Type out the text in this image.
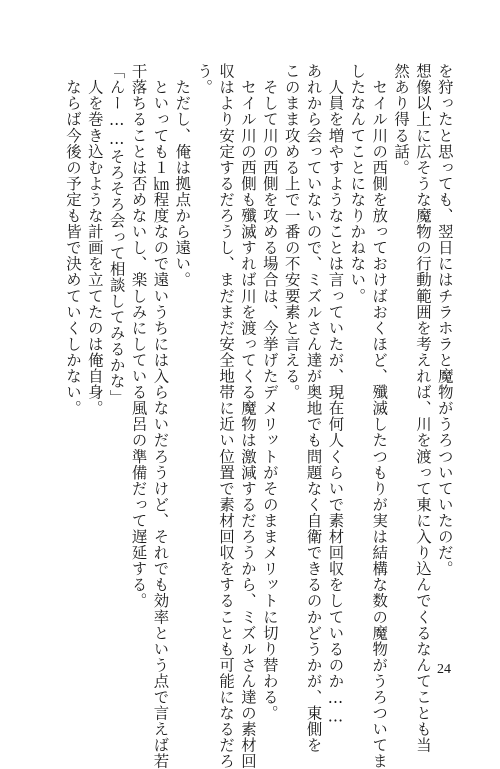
を狩ったと思っても、翌日にはチラホラと魔物がうろついていたのだ。
想像以上に広そうな魔物の行動範囲を考えれば、川を渡って東に入り込んでくるなんてことも当
然あり得る話。
　セイル川の西側を放っておけばおくほど、殲滅したつもりが実は結構な数の魔物がうろついてま
したなんてことになりかねない。
　人員を増やすようなことは言っていたが、現在何人くらいで素材回収をしているのか……
あれから会っていないので、ミズルさん達が奥地でも問題なく自衛できるのかどうかが、東側を
このまま攻める上で一番の不安要素と言える。
　そして川の西側を攻める場合は、今挙げたデメリットがそのままメリットに切り替わる。
　セイル川の西側も殲滅すれば川を渡ってくる魔物は激減するだろうから、ミズルさん達の素材回
収はより安定するだろうし、まだまだ安全地帯に近い位置で素材回収をすることも可能になるだろ
う。
　ただし、俺は拠点から遠い。
　といっても１㎞程度なので遠いうちには入らないだろうけど、それでも効率という点で言えば若
干落ちることは否めないし、楽しみにしている風呂の準備だって遅延する。
「んー……そろそろ会って相談してみるかな」
　人を巻き込むような計画を立てたのは俺自身。
　ならば今後の予定も皆で決めていくしかない。
24
